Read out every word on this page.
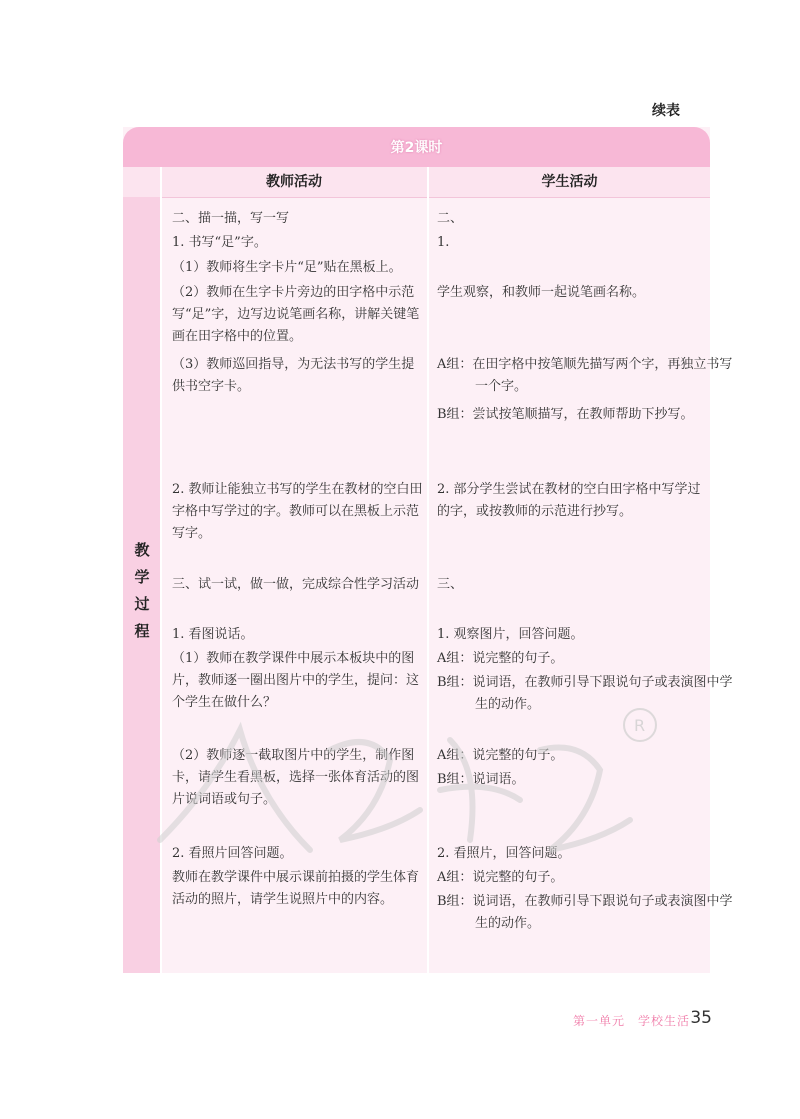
续表
第2课时
教师活动	学生活动
教
学
过
程
二、描一描，写一写
1. 书写“足”字。
（1）教师将生字卡片“足”贴在黑板上。
（2）教师在生字卡片旁边的田字格中示范写“足”字，边写边说笔画名称，讲解关键笔画在田字格中的位置。
（3）教师巡回指导，为无法书写的学生提供书空字卡。
2. 教师让能独立书写的学生在教材的空白田字格中写学过的字。教师可以在黑板上示范写字。
三、试一试，做一做，完成综合性学习活动
1. 看图说话。
（1）教师在教学课件中展示本板块中的图片，教师逐一圈出图片中的学生，提问：这个学生在做什么？
（2）教师逐一截取图片中的学生，制作图卡，请学生看黑板，选择一张体育活动的图片说词语或句子。
2. 看照片回答问题。
教师在教学课件中展示课前拍摄的学生体育活动的照片，请学生说照片中的内容。
二、
1.
学生观察，和教师一起说笔画名称。
A组：在田字格中按笔顺先描写两个字，再独立书写一个字。
B组：尝试按笔顺描写，在教师帮助下抄写。
2. 部分学生尝试在教材的空白田字格中写学过的字，或按教师的示范进行抄写。
三、
1. 观察图片，回答问题。
A组：说完整的句子。
B组：说词语，在教师引导下跟说句子或表演图中学生的动作。
A组：说完整的句子。
B组：说词语。
2. 看照片，回答问题。
A组：说完整的句子。
B组：说词语，在教师引导下跟说句子或表演图中学生的动作。
R
第一单元　学校生活 35
